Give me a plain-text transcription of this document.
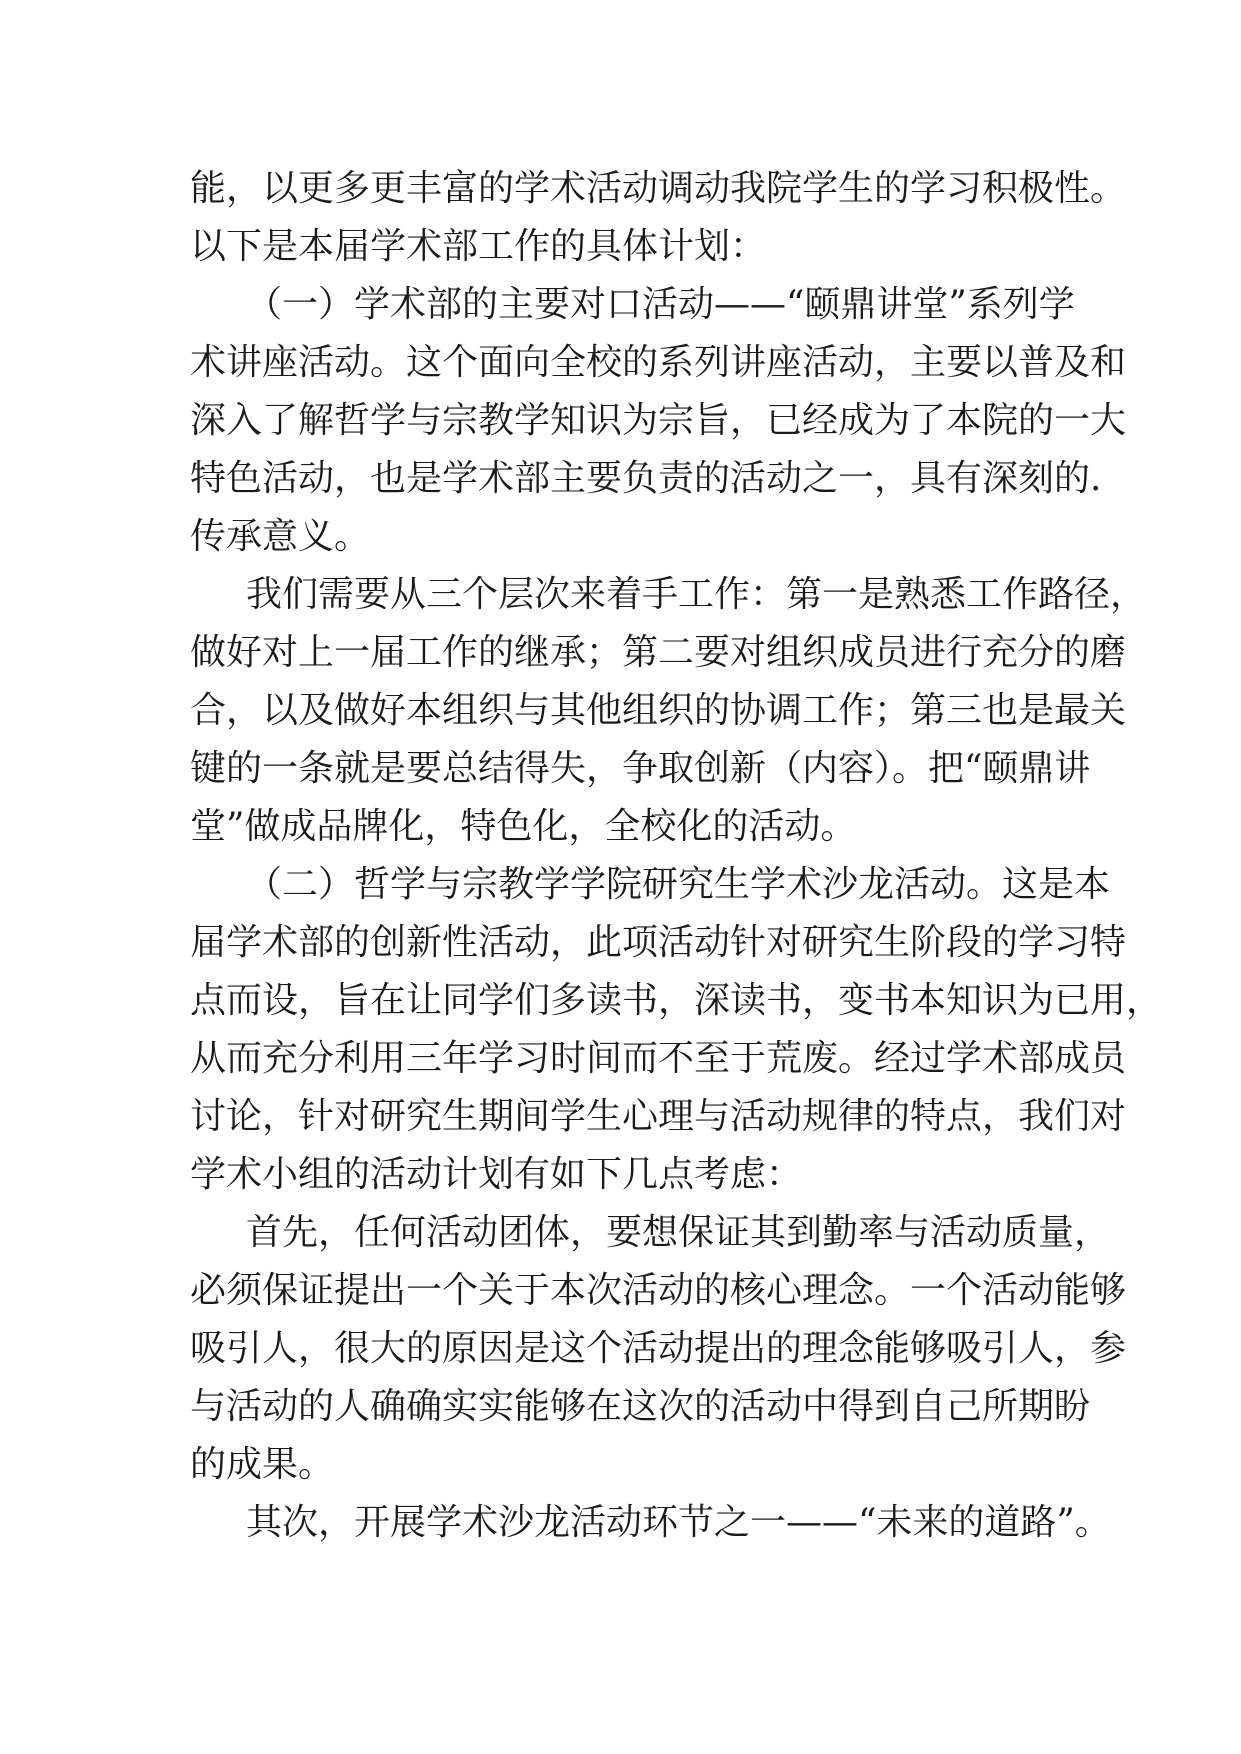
能，以更多更丰富的学术活动调动我院学生的学习积极性。
以下是本届学术部工作的具体计划：
（一）学术部的主要对口活动——“颐鼎讲堂”系列学
术讲座活动。这个面向全校的系列讲座活动，主要以普及和
深入了解哲学与宗教学知识为宗旨，已经成为了本院的一大
特色活动，也是学术部主要负责的活动之一，具有深刻的.
传承意义。
我们需要从三个层次来着手工作：第一是熟悉工作路径，
做好对上一届工作的继承；第二要对组织成员进行充分的磨
合，以及做好本组织与其他组织的协调工作；第三也是最关
键的一条就是要总结得失，争取创新（内容）。把“颐鼎讲
堂”做成品牌化，特色化，全校化的活动。
（二）哲学与宗教学学院研究生学术沙龙活动。这是本
届学术部的创新性活动，此项活动针对研究生阶段的学习特
点而设，旨在让同学们多读书，深读书，变书本知识为已用，
从而充分利用三年学习时间而不至于荒废。经过学术部成员
讨论，针对研究生期间学生心理与活动规律的特点，我们对
学术小组的活动计划有如下几点考虑：
首先，任何活动团体，要想保证其到勤率与活动质量，
必须保证提出一个关于本次活动的核心理念。一个活动能够
吸引人，很大的原因是这个活动提出的理念能够吸引人，参
与活动的人确确实实能够在这次的活动中得到自己所期盼
的成果。
其次，开展学术沙龙活动环节之一——“未来的道路”。
